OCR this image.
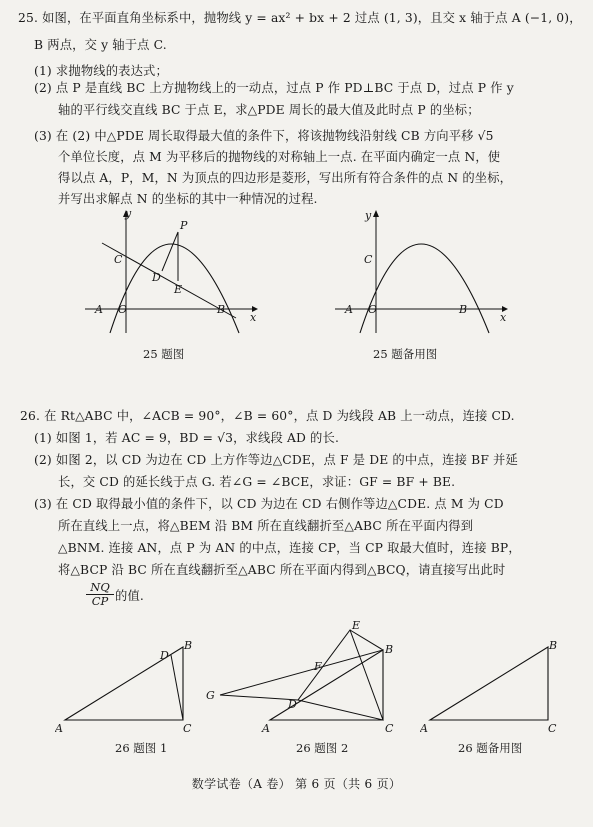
25. 如图，在平面直角坐标系中，抛物线 y = ax² + bx + 2 过点 (1, 3)，且交 x 轴于点 A (−1, 0)，
B 两点，交 y 轴于点 C.
(1) 求抛物线的表达式；
(2) 点 P 是直线 BC 上方抛物线上的一动点，过点 P 作 PD⊥BC 于点 D，过点 P 作 y
轴的平行线交直线 BC 于点 E，求△PDE 周长的最大值及此时点 P 的坐标；
(3) 在 (2) 中△PDE 周长取得最大值的条件下，将该抛物线沿射线 CB 方向平移 √5
个单位长度，点 M 为平移后的抛物线的对称轴上一点. 在平面内确定一点 N，使
得以点 A，P，M，N 为顶点的四边形是菱形，写出所有符合条件的点 N 的坐标，
并写出求解点 N 的坐标的其中一种情况的过程.
y
x
C
P
D
E
A O	B
25 题图
y
x
C
A O	B
25 题备用图
26. 在 Rt△ABC 中，∠ACB = 90°，∠B = 60°，点 D 为线段 AB 上一动点，连接 CD.
(1) 如图 1，若 AC = 9，BD = √3，求线段 AD 的长.
(2) 如图 2，以 CD 为边在 CD 上方作等边△CDE，点 F 是 DE 的中点，连接 BF 并延
长，交 CD 的延长线于点 G. 若∠G = ∠BCE，求证：GF = BF + BE.
(3) 在 CD 取得最小值的条件下，以 CD 为边在 CD 右侧作等边△CDE. 点 M 为 CD
所在直线上一点，将△BEM 沿 BM 所在直线翻折至△ABC 所在平面内得到
△BNM. 连接 AN，点 P 为 AN 的中点，连接 CP，当 CP 取最大值时，连接 BP，
将△BCP 沿 BC 所在直线翻折至△ABC 所在平面内得到△BCQ，请直接写出此时
$\frac{NQ}{CP}$ 的值.
A
B
C
D
26 题图 1
E
B
F
G
D
A	C
26 题图 2
A
B
C
26 题备用图
数学试卷（A 卷） 第 6 页（共 6 页）
